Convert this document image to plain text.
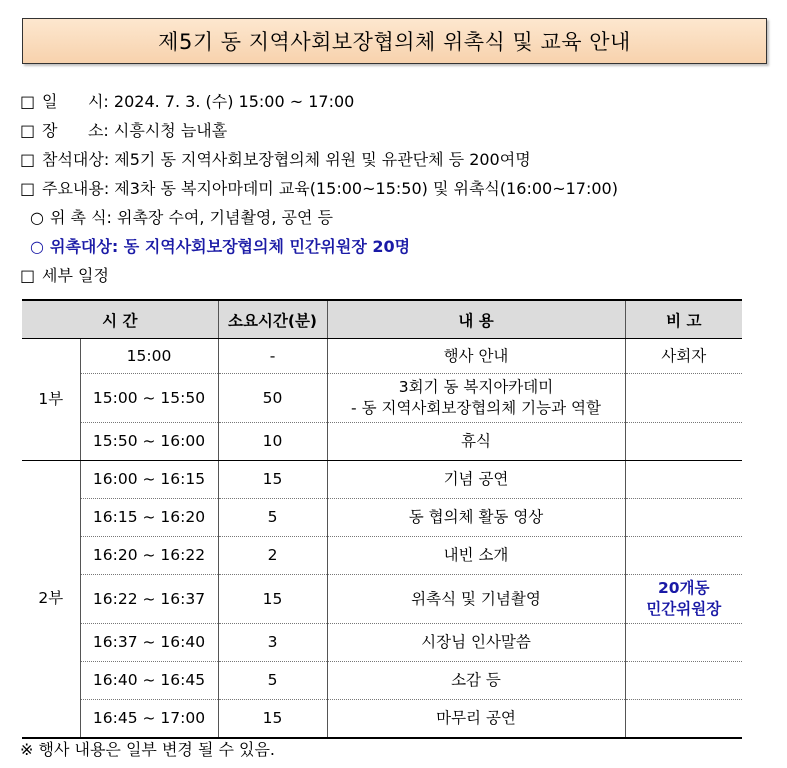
제5기 동 지역사회보장협의체 위촉식 및 교육 안내
□ 일      시: 2024. 7. 3. (수) 15:00 ~ 17:00
□ 장      소: 시흥시청 늠내홀
□ 참석대상: 제5기 동 지역사회보장협의체 위원 및 유관단체 등 200여명
□ 주요내용: 제3차 동 복지아마데미 교육(15:00~15:50) 및 위촉식(16:00~17:00)
○ 위 촉 식: 위촉장 수여, 기념촬영, 공연 등
○ 위촉대상: 동 지역사회보장협의체 민간위원장 20명
□ 세부 일정
시 간		소요시간(분)	내 용	비 고
1부	15:00	-	행사 안내	사회자
	15:00 ~ 15:50	50	3회기 동 복지아카데미
- 동 지역사회보장협의체 기능과 역할	

	15:50 ~ 16:00	10	휴식	
2부	16:00 ~ 16:15	15	기념 공연	
	16:15 ~ 16:20	5	동 협의체 활동 영상	
	16:20 ~ 16:22	2	내빈 소개	
	16:22 ~ 16:37	15	위촉식 및 기념촬영	20개동
민간위원장

	16:37 ~ 16:40	3	시장님 인사말씀	
	16:40 ~ 16:45	5	소감 등	
	16:45 ~ 17:00	15	마무리 공연	
※ 행사 내용은 일부 변경 될 수 있음.
